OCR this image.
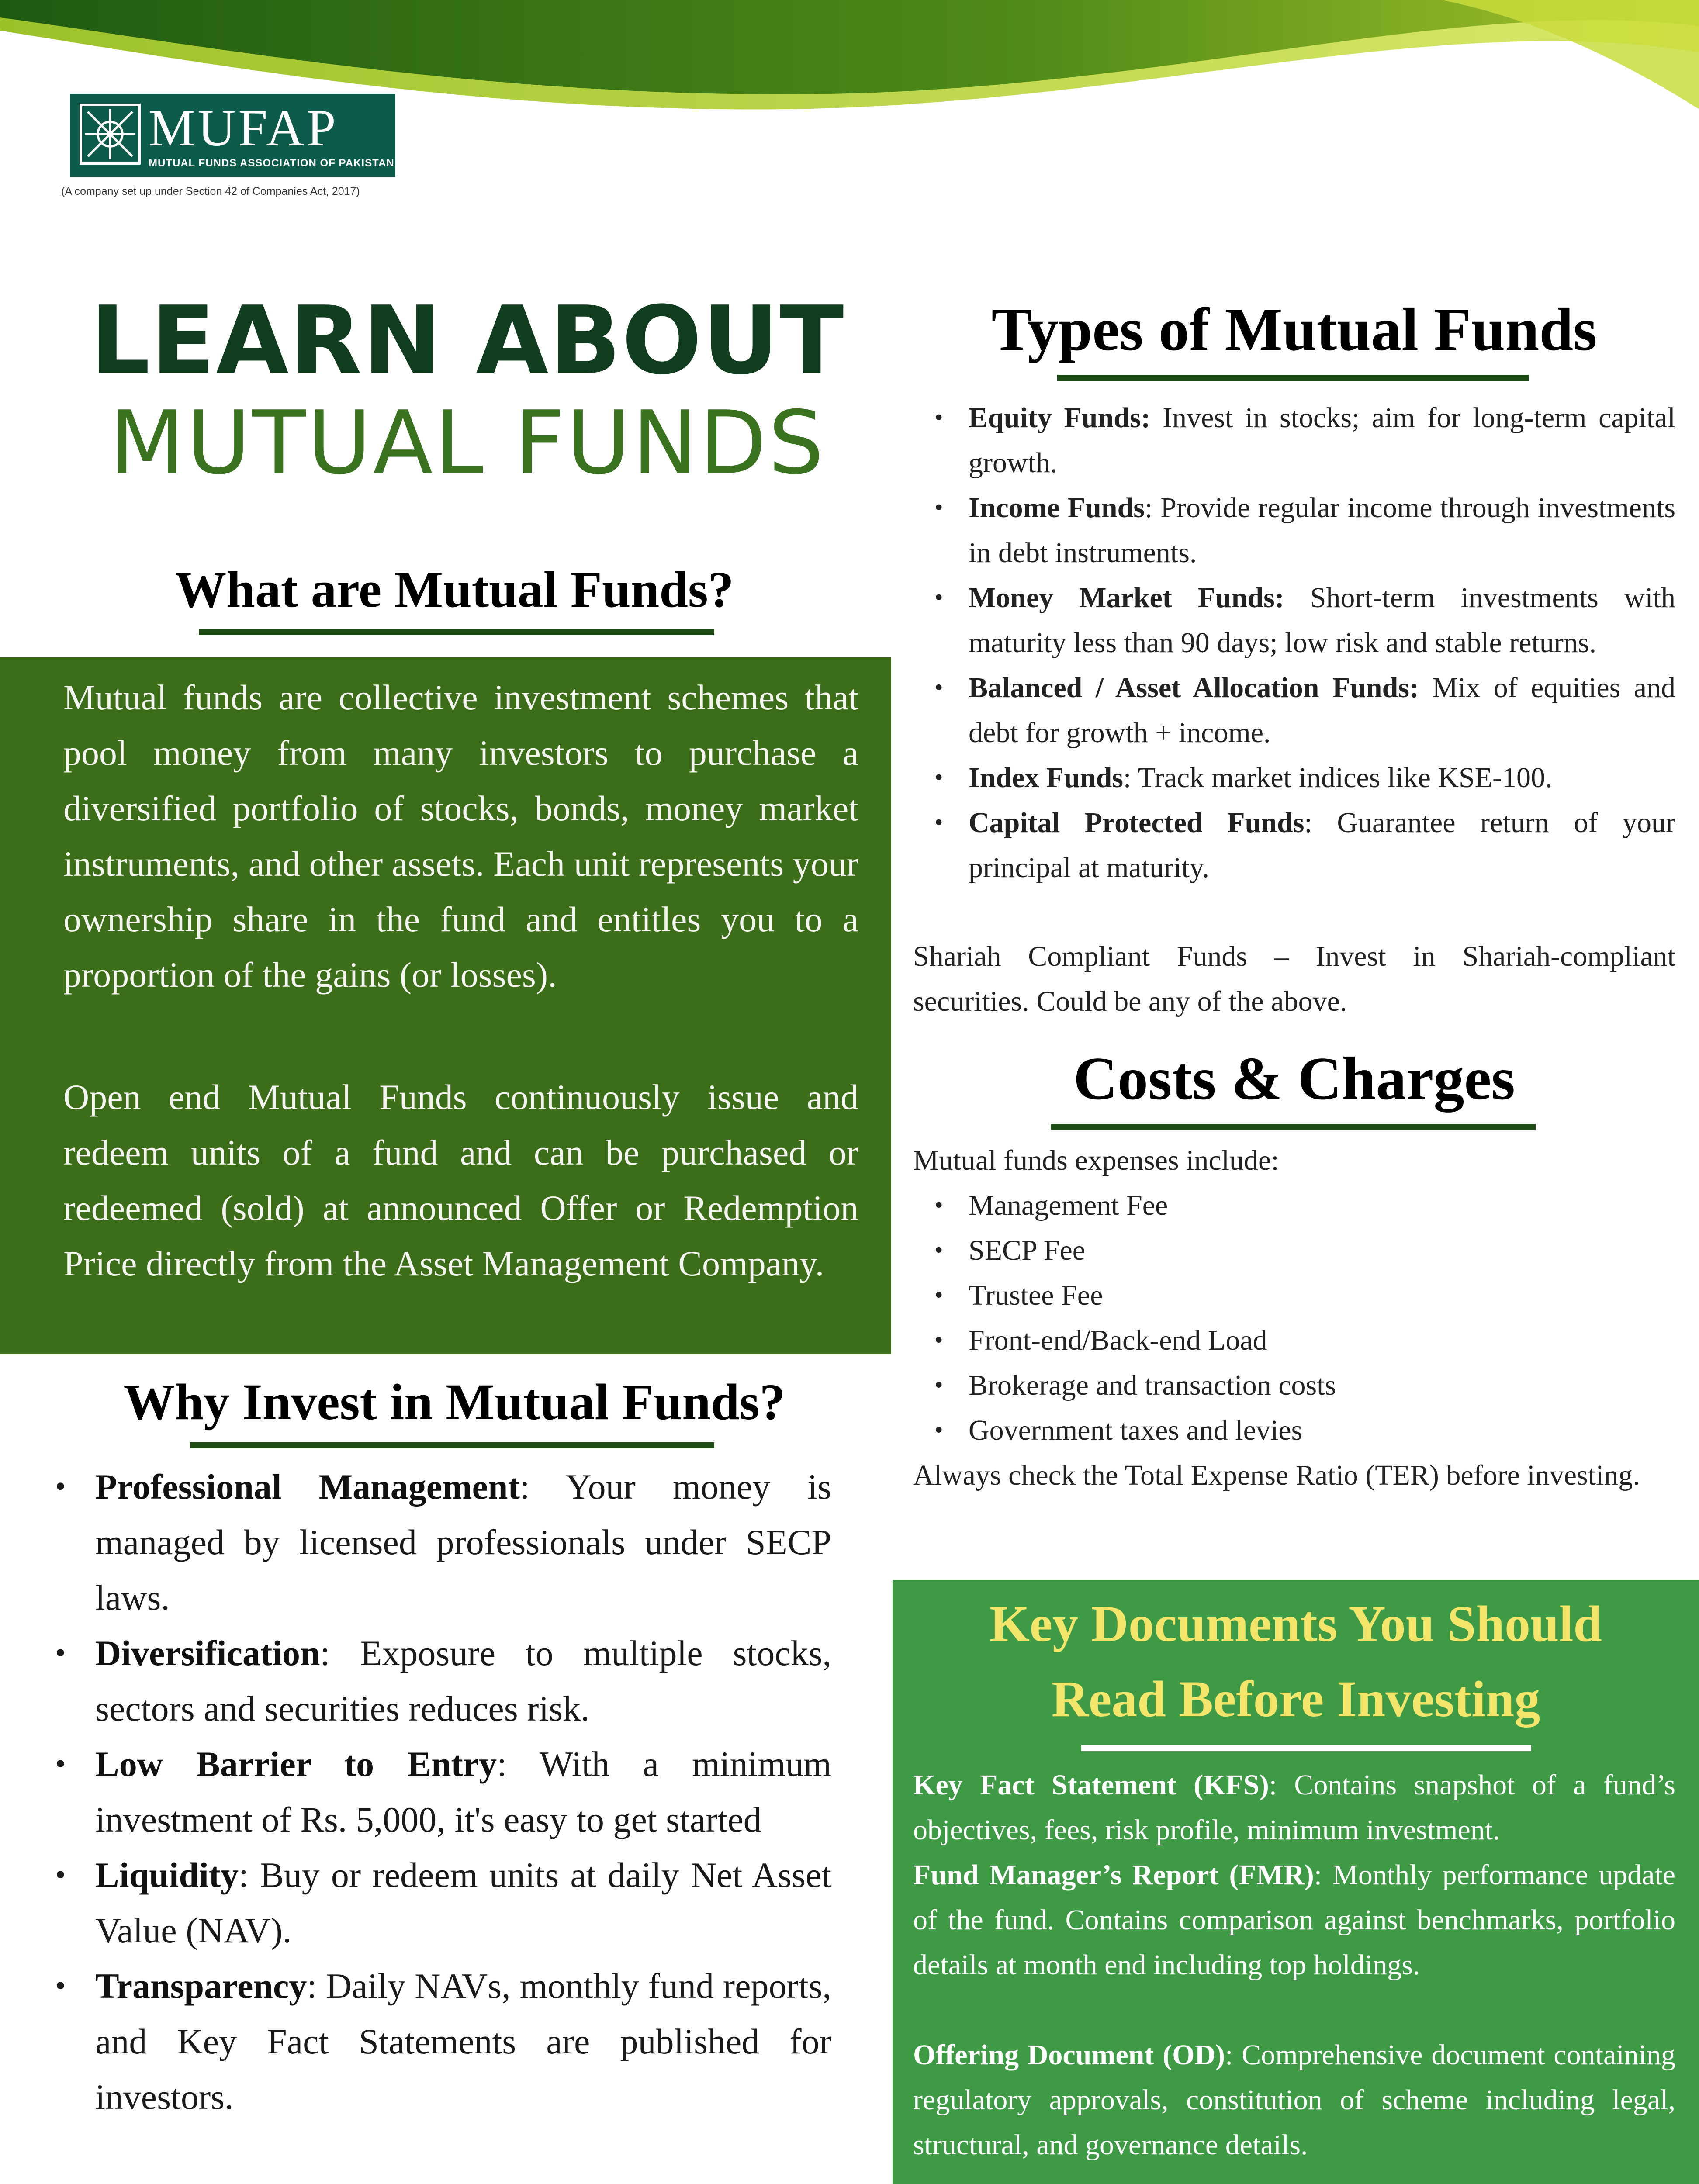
MUFAP
MUTUAL FUNDS ASSOCIATION OF PAKISTAN
(A company set up under Section 42 of Companies Act, 2017)
LEARN ABOUT
MUTUAL FUNDS
What are Mutual Funds?

Mutual funds are collective investment schemes that pool money from many investors to purchase a diversified portfolio of stocks, bonds, money market instruments, and other assets. Each unit represents your ownership share in the fund and entitles you to a proportion of the gains (or losses).

Open end Mutual Funds continuously issue and redeem units of a fund and can be purchased or redeemed (sold) at announced Offer or Redemption Price directly from the Asset Management Company.

Why Invest in Mutual Funds?
• Professional Management: Your money is managed by licensed professionals under SECP laws.
• Diversification: Exposure to multiple stocks, sectors and securities reduces risk.
• Low Barrier to Entry: With a minimum investment of Rs. 5,000, it's easy to get started
• Liquidity: Buy or redeem units at daily Net Asset Value (NAV).
• Transparency: Daily NAVs, monthly fund reports, and Key Fact Statements are published for investors.
Types of Mutual Funds
• Equity Funds: Invest in stocks; aim for long-term capital growth.
• Income Funds: Provide regular income through investments in debt instruments.
• Money Market Funds: Short-term investments with maturity less than 90 days; low risk and stable returns.
• Balanced / Asset Allocation Funds: Mix of equities and debt for growth + income.
• Index Funds: Track market indices like KSE-100.
• Capital Protected Funds: Guarantee return of your principal at maturity.

Shariah Compliant Funds – Invest in Shariah-compliant securities. Could be any of the above.

Costs & Charges

Mutual funds expenses include:

• Management Fee
• SECP Fee
• Trustee Fee
• Front-end/Back-end Load
• Brokerage and transaction costs
• Government taxes and levies

Always check the Total Expense Ratio (TER) before investing.

Key Documents You Should
Read Before Investing

Key Fact Statement (KFS): Contains snapshot of a fund’s objectives, fees, risk profile, minimum investment.

Fund Manager’s Report (FMR): Monthly performance update of the fund. Contains comparison against benchmarks, portfolio details at month end including top holdings.

Offering Document (OD): Comprehensive document containing regulatory approvals, constitution of scheme including legal, structural, and governance details.
